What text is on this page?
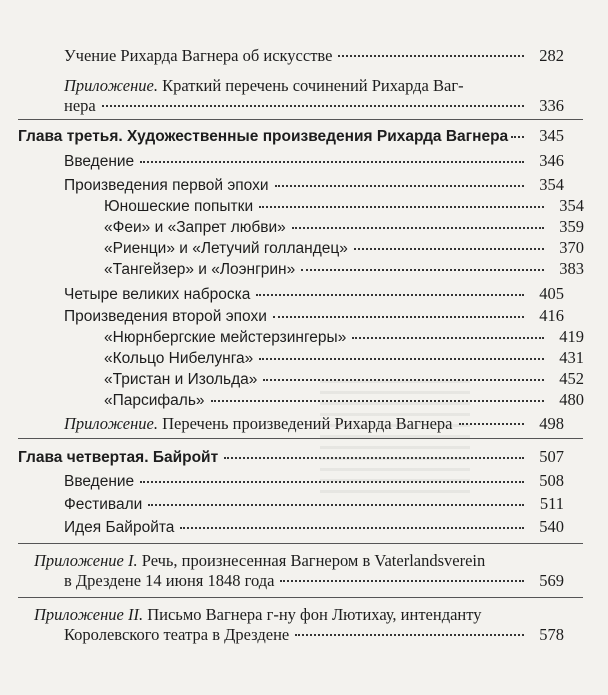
Учение Рихарда Вагнера об искусстве	282
Приложение. Краткий перечень сочинений Рихарда Ваг-
нера	336
Глава третья. Художественные произведения Рихарда Вагнера	345
Введение	346
Произведения первой эпохи	354
Юношеские попытки	354
«Феи» и «Запрет любви»	359
«Риенци» и «Летучий голландец»	370
«Тангейзер» и «Лоэнгрин»	383
Четыре великих наброска	405
Произведения второй эпохи	416
«Нюрнбергские мейстерзингеры»	419
«Кольцо Нибелунга»	431
«Тристан и Изольда»	452
«Парсифаль»	480
Приложение. Перечень произведений Рихарда Вагнера	498
Глава четвертая. Байройт	507
Введение	508
Фестивали	511
Идея Байройта	540
Приложение I. Речь, произнесенная Вагнером в Vaterlandsverein
в Дрездене 14 июня 1848 года	569
Приложение II. Письмо Вагнера г-ну фон Лютихау, интенданту
Королевского театра в Дрездене	578
